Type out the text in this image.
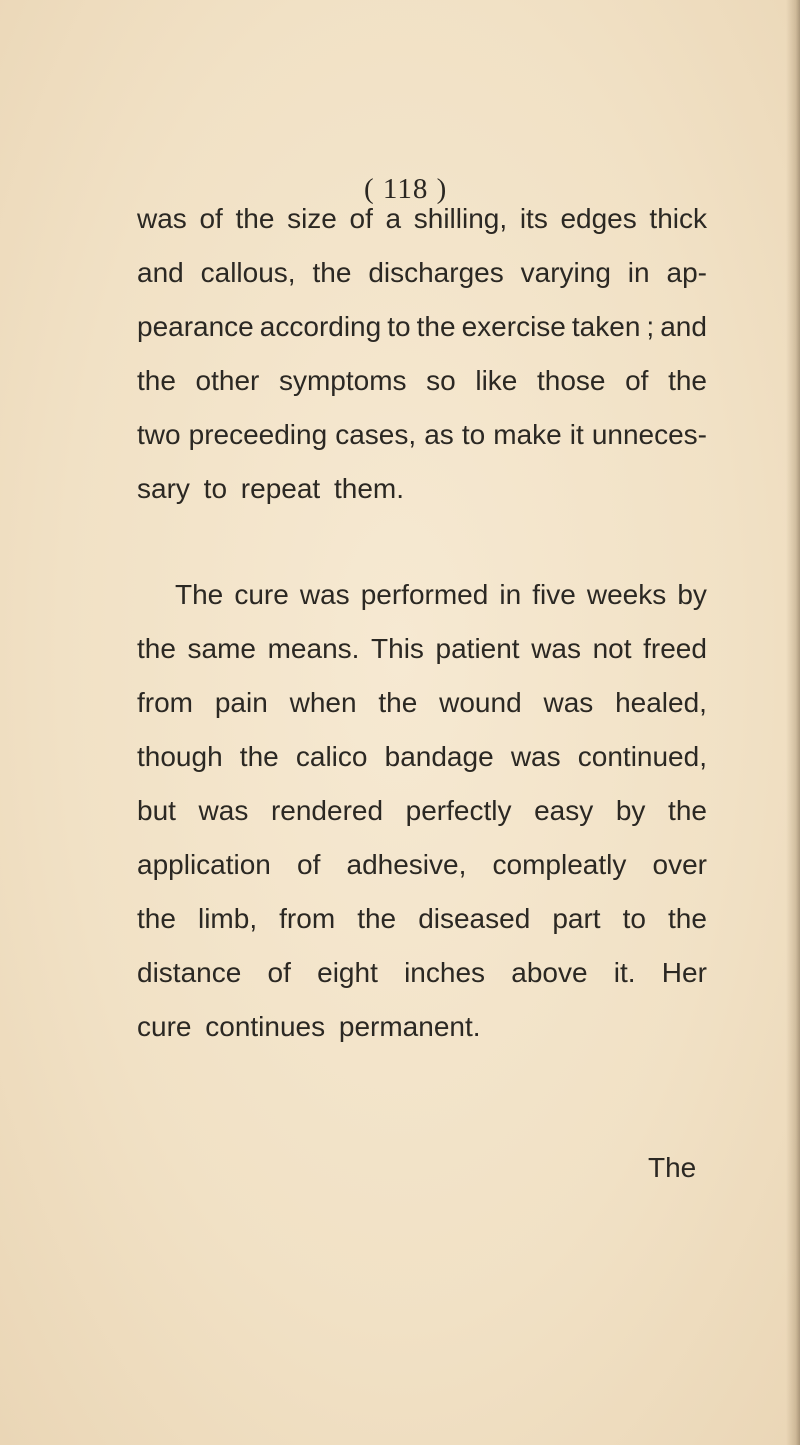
( 118 )
was of the size of a shilling, its edges thick
and callous, the discharges varying in ap-
pearance according to the exercise taken ; and
the other symptoms so like those of the
two preceeding cases, as to make it unneces-
sary to repeat them.
The cure was performed in five weeks by
the same means. This patient was not freed
from pain when the wound was healed,
though the calico bandage was continued,
but was rendered perfectly easy by the
application of adhesive, compleatly over
the limb, from the diseased part to the
distance of eight inches above it. Her
cure continues permanent.
The
